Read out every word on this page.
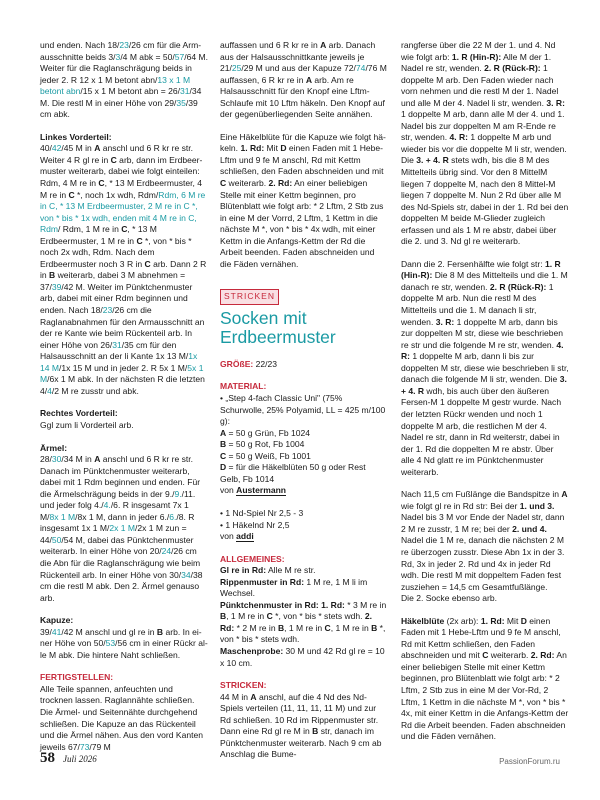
und enden. Nach 18/23/26 cm für die Armausschnitte beids 3/3/4 M abk = 50/57/64 M. Weiter für die Raglanschrägung beids in jeder 2. R 12 x 1 M betont abn/13 x 1 M betont abn/15 x 1 M betont abn = 26/31/34 M. Die restl M in einer Höhe von 29/35/39 cm abk.

Linkes Vorderteil:
40/42/45 M in A anschl und 6 R kr re str. Weiter 4 R gl re in C arb, dann im Erdbeermuster weiterarb, dabei wie folgt einteilen: Rdm, 4 M re in C, * 13 M Erdbeermuster, 4 M re in C *, noch 1x wdh, Rdm/Rdm, 6 M re in C, * 13 M Erdbeermuster, 2 M re in C *, von * bis * 1x wdh, enden mit 4 M re in C, Rdm/ Rdm, 1 M re in C, * 13 M Erdbeermuster, 1 M re in C *, von * bis * noch 2x wdh, Rdm. Nach dem Erdbeermuster noch 3 R in C arb. Dann 2 R in B weiterarb, dabei 3 M abnehmen = 37/39/42 M. Weiter im Pünktchenmuster arb, dabei mit einer Rdm beginnen und enden. Nach 18/23/26 cm die Raglanabnahmen für den Armausschnitt an der re Kante wie beim Rückenteil arb. In einer Höhe von 26/31/35 cm für den Halsausschnitt an der li Kante 1x 13 M/1x 14 M/1x 15 M und in jeder 2. R 5x 1 M/5x 1 M/6x 1 M abk. In der nächsten R die letzten 4/4/2 M re zusstr und abk.

Rechtes Vorderteil:
Ggl zum li Vorderteil arb.

Ärmel:
28/30/34 M in A anschl und 6 R kr re str. Danach im Pünktchenmuster weiterarb, dabei mit 1 Rdm beginnen und enden. Für die Ärmelschrägung beids in der 9./9./11. und jeder folg 4./4./6. R insgesamt 7x 1 M/8x 1 M/8x 1 M, dann in jeder 6./6./8. R insgesamt 1x 1 M/2x 1 M/2x 1 M zun = 44/50/54 M, dabei das Pünktchenmuster weiterarb. In einer Höhe von 20/24/26 cm die Abn für die Raglanschrägung wie beim Rückenteil arb. In einer Höhe von 30/34/38 cm die restl M abk. Den 2. Ärmel genauso arb.

Kapuze:
39/41/42 M anschl und gl re in B arb. In einer Höhe von 50/53/56 cm in einer Rückr alle M abk. Die hintere Naht schließen.

FERTIGSTELLEN:
Alle Teile spannen, anfeuchten und trocknen lassen. Raglannähte schließen. Die Ärmel- und Seitennähte durchgehend schließen. Die Kapuze an das Rückenteil und die Ärmel nähen. Aus den vord Kanten jeweils 67/73/79 M

auffassen und 6 R kr re in A arb. Danach aus der Halsausschnittkante jeweils je 21/25/29 M und aus der Kapuze 72/74/76 M auffassen, 6 R kr re in A arb. Am re Halsausschnitt für den Knopf eine Lftm-Schlaufe mit 10 Lftm häkeln. Den Knopf auf der gegenüberliegenden Seite annähen.

Eine Häkelblüte für die Kapuze wie folgt häkeln. 1. Rd: Mit D einen Faden mit 1 Hebe-Lftm und 9 fe M anschl, Rd mit Kettm schließen, den Faden abschneiden und mit C weiterarb. 2. Rd: An einer beliebigen Stelle mit einer Kettm beginnen, pro Blütenblatt wie folgt arb: * 2 Lftm, 2 Stb zus in eine M der Vorrd, 2 Lftm, 1 Kettm in die nächste M *, von * bis * 4x wdh, mit einer Kettm in die Anfangs-Kettm der Rd die Arbeit beenden. Faden abschneiden und die Fäden vernähen.

STRICKEN
Socken mit Erdbeermuster

GRÖßE: 22/23

MATERIAL:
• „Step 4-fach Classic Uni" (75% Schurwolle, 25% Polyamid, LL = 425 m/100 g):
A = 50 g Grün, Fb 1024
B = 50 g Rot, Fb 1004
C = 50 g Weiß, Fb 1001
D = für die Häkelblüten 50 g oder Rest Gelb, Fb 1014
von Austermann

• 1 Nd-Spiel Nr 2,5 - 3
• 1 Häkelnd Nr 2,5
von addi

ALLGEMEINES:
Gl re in Rd: Alle M re str.
Rippenmuster in Rd: 1 M re, 1 M li im Wechsel.
Pünktchenmuster in Rd: 1. Rd: * 3 M re in B, 1 M re in C *, von * bis * stets wdh. 2. Rd: * 2 M re in B, 1 M re in C, 1 M re in B *, von * bis * stets wdh.
Maschenprobe: 30 M und 42 Rd gl re = 10 x 10 cm.

STRICKEN:
44 M in A anschl, auf die 4 Nd des Nd-Spiels verteilen (11, 11, 11, 11 M) und zur Rd schließen. 10 Rd im Rippenmuster str. Dann eine Rd gl re M in B str, danach im Pünktchenmuster weiterarb. Nach 9 cm ab Anschlag die Bume-

rangferse über die 22 M der 1. und 4. Nd wie folgt arb: 1. R (Hin-R): Alle M der 1. Nadel re str, wenden. 2. R (Rück-R): 1 doppelte M arb. Den Faden wieder nach vorn nehmen und die restl M der 1. Nadel und alle M der 4. Nadel li str, wenden. 3. R: 1 doppelte M arb, dann alle M der 4. und 1. Nadel bis zur doppelten M am R-Ende re str, wenden. 4. R: 1 doppelte M arb und wieder bis vor die doppelte M li str, wenden. Die 3. + 4. R stets wdh, bis die 8 M des Mittelteils übrig sind. Vor den 8 MittelM liegen 7 doppelte M, nach den 8 Mittel-M liegen 7 doppelte M. Nun 2 Rd über alle M des Nd-Spiels str, dabei in der 1. Rd bei den doppelten M beide M-Glieder zugleich erfassen und als 1 M re abstr, dabei über die 2. und 3. Nd gl re weiterarb.

Dann die 2. Fersenhälfte wie folgt str: 1. R (Hin-R): Die 8 M des Mittelteils und die 1. M danach re str, wenden. 2. R (Rück-R): 1 doppelte M arb. Nun die restl M des Mittelteils und die 1. M danach li str, wenden. 3. R: 1 doppelte M arb, dann bis zur doppelten M str, diese wie beschrieben re str und die folgende M re str, wenden. 4. R: 1 doppelte M arb, dann li bis zur doppelten M str, diese wie beschrieben li str, danach die folgende M li str, wenden. Die 3. + 4. R wdh, bis auch über den äußeren Fersen-M 1 doppelte M gestr wurde. Nach der letzten Rückr wenden und noch 1 doppelte M arb, die restlichen M der 4. Nadel re str, dann in Rd weiterstr, dabei in der 1. Rd die doppelten M re abstr. Über alle 4 Nd glatt re im Pünktchenmuster weiterarb.

Nach 11,5 cm Fußlänge die Bandspitze in A wie folgt gl re in Rd str: Bei der 1. und 3. Nadel bis 3 M vor Ende der Nadel str, dann 2 M re zusstr, 1 M re; bei der 2. und 4. Nadel die 1 M re, danach die nächsten 2 M re überzogen zusstr. Diese Abn 1x in der 3. Rd, 3x in jeder 2. Rd und 4x in jeder Rd wdh. Die restl M mit doppeltem Faden fest zusziehen = 14,5 cm Gesamtfußlänge.
Die 2. Socke ebenso arb.

Häkelblüte (2x arb): 1. Rd: Mit D einen Faden mit 1 Hebe-Lftm und 9 fe M anschl, Rd mit Kettm schließen, den Faden abschneiden und mit C weiterarb. 2. Rd: An einer beliebigen Stelle mit einer Kettm beginnen, pro Blütenblatt wie folgt arb: * 2 Lftm, 2 Stb zus in eine M der Vor-Rd, 2 Lftm, 1 Kettm in die nächste M *, von * bis * 4x, mit einer Kettm in die Anfangs-Kettm der Rd die Arbeit beenden. Faden abschneiden und die Fäden vernähen.

58 Juli 2026	PassionForum.ru
